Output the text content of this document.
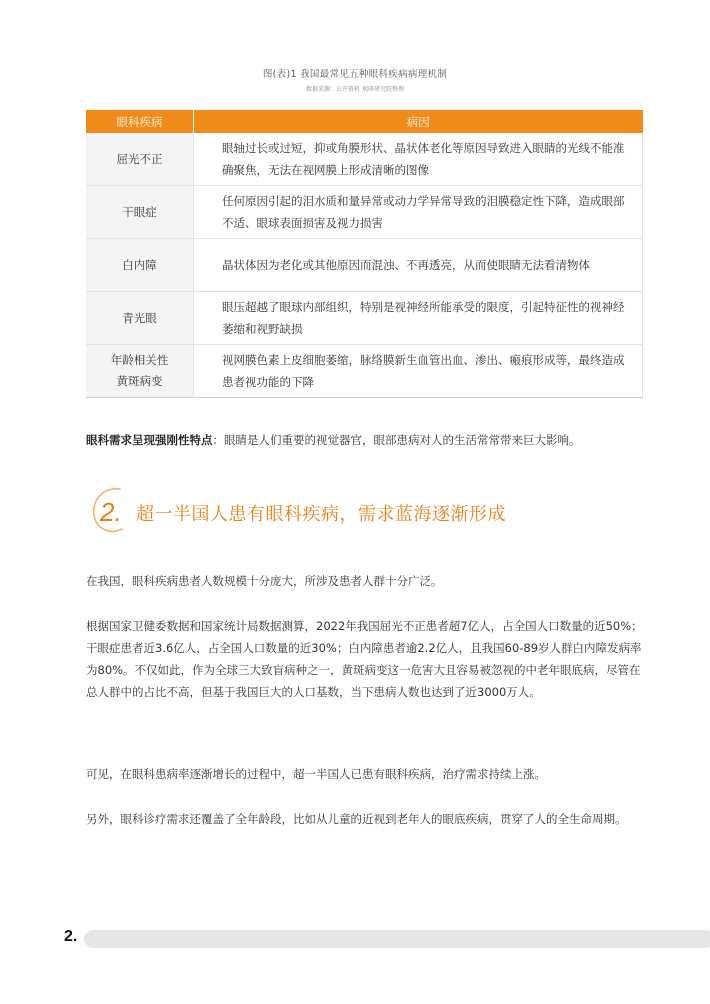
图(表)1 我国最常见五种眼科疾病病理机制
数据来源：公开资料 观研研究院整理
眼科疾病	病因
屈光不正	眼轴过长或过短，抑或角膜形状、晶状体老化等原因导致进入眼睛的光线不能准确聚焦，无法在视网膜上形成清晰的图像
干眼症	任何原因引起的泪水质和量异常或动力学异常导致的泪膜稳定性下降，造成眼部不适、眼球表面损害及视力损害
白内障	晶状体因为老化或其他原因而混浊、不再透亮，从而使眼睛无法看清物体
青光眼	眼压超越了眼球内部组织，特别是视神经所能承受的限度，引起特征性的视神经萎缩和视野缺损
年龄相关性黄斑病变	视网膜色素上皮细胞萎缩，脉络膜新生血管出血、渗出、瘢痕形成等，最终造成患者视功能的下降
眼科需求呈现强刚性特点：眼睛是人们重要的视觉器官，眼部患病对人的生活常常带来巨大影响。
2. 超一半国人患有眼科疾病，需求蓝海逐渐形成

在我国，眼科疾病患者人数规模十分庞大，所涉及患者人群十分广泛。

根据国家卫健委数据和国家统计局数据测算，2022年我国屈光不正患者超7亿人，占全国人口数量的近50%；干眼症患者近3.6亿人，占全国人口数量的近30%；白内障患者逾2.2亿人，且我国60-89岁人群白内障发病率为80%。不仅如此，作为全球三大致盲病种之一，黄斑病变这一危害大且容易被忽视的中老年眼底病，尽管在总人群中的占比不高，但基于我国巨大的人口基数，当下患病人数也达到了近3000万人。

可见，在眼科患病率逐渐增长的过程中，超一半国人已患有眼科疾病，治疗需求持续上涨。

另外，眼科诊疗需求还覆盖了全年龄段，比如从儿童的近视到老年人的眼底疾病，贯穿了人的全生命周期。

2.
